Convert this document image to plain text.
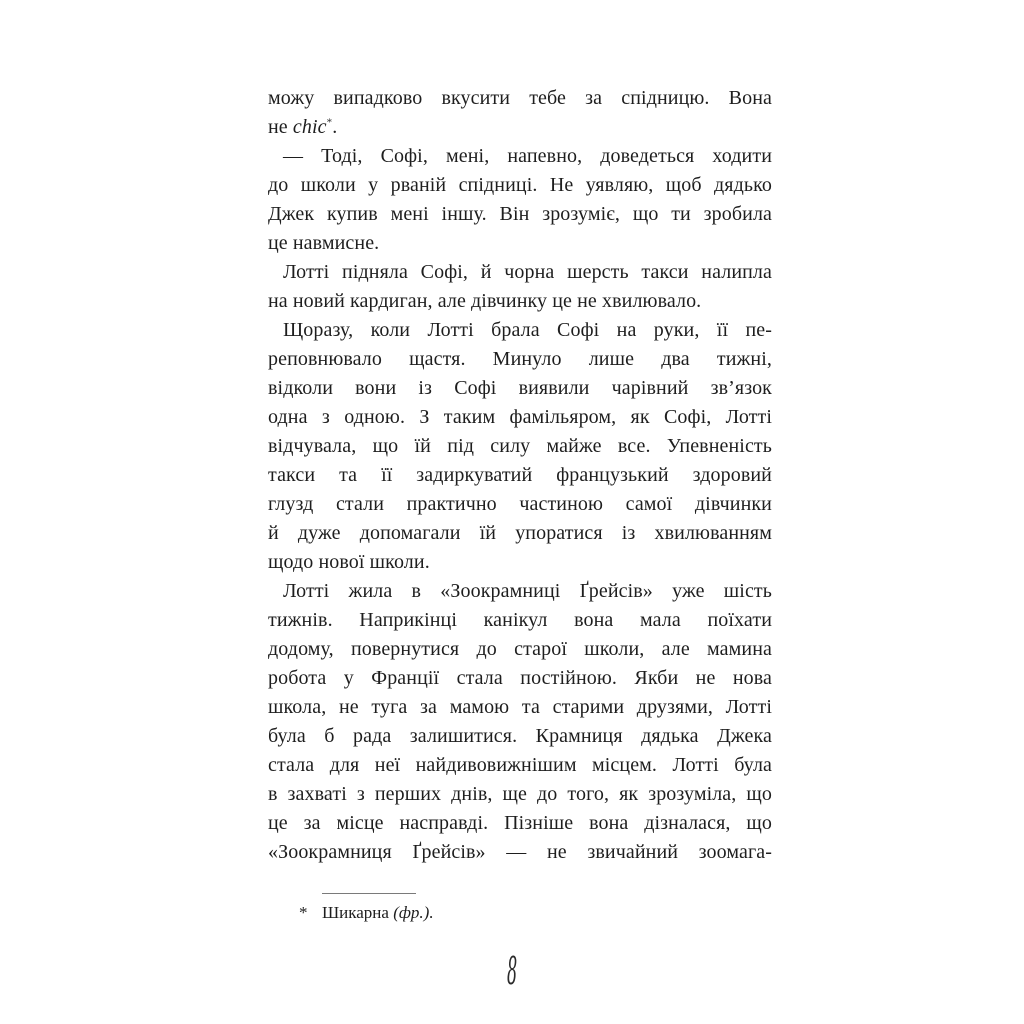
можу випадково вкусити тебе за спідницю. Вона
не chic*.
— Тоді, Софі, мені, напевно, доведеться ходити
до школи у рваній спідниці. Не уявляю, щоб дядько
Джек купив мені іншу. Він зрозуміє, що ти зробила
це навмисне.
Лотті підняла Софі, й чорна шерсть такси налипла
на новий кардиган, але дівчинку це не хвилювало.
Щоразу, коли Лотті брала Софі на руки, її пе-
реповнювало щастя. Минуло лише два тижні,
відколи вони із Софі виявили чарівний зв’язок
одна з одною. З таким фамільяром, як Софі, Лотті
відчувала, що їй під силу майже все. Упевненість
такси та її задиркуватий французький здоровий
глузд стали практично частиною самої дівчинки
й дуже допомагали їй упоратися із хвилюванням
щодо нової школи.
Лотті жила в «Зоокрамниці Ґрейсів» уже шість
тижнів. Наприкінці канікул вона мала поїхати
додому, повернутися до старої школи, але мамина
робота у Франції стала постійною. Якби не нова
школа, не туга за мамою та старими друзями, Лотті
була б рада залишитися. Крамниця дядька Джека
стала для неї найдивовижнішим місцем. Лотті була
в захваті з перших днів, ще до того, як зрозуміла, що
це за місце насправді. Пізніше вона дізналася, що
«Зоокрамниця Ґрейсів» — не звичайний зоомага-
* Шикарна (фр.).
8
